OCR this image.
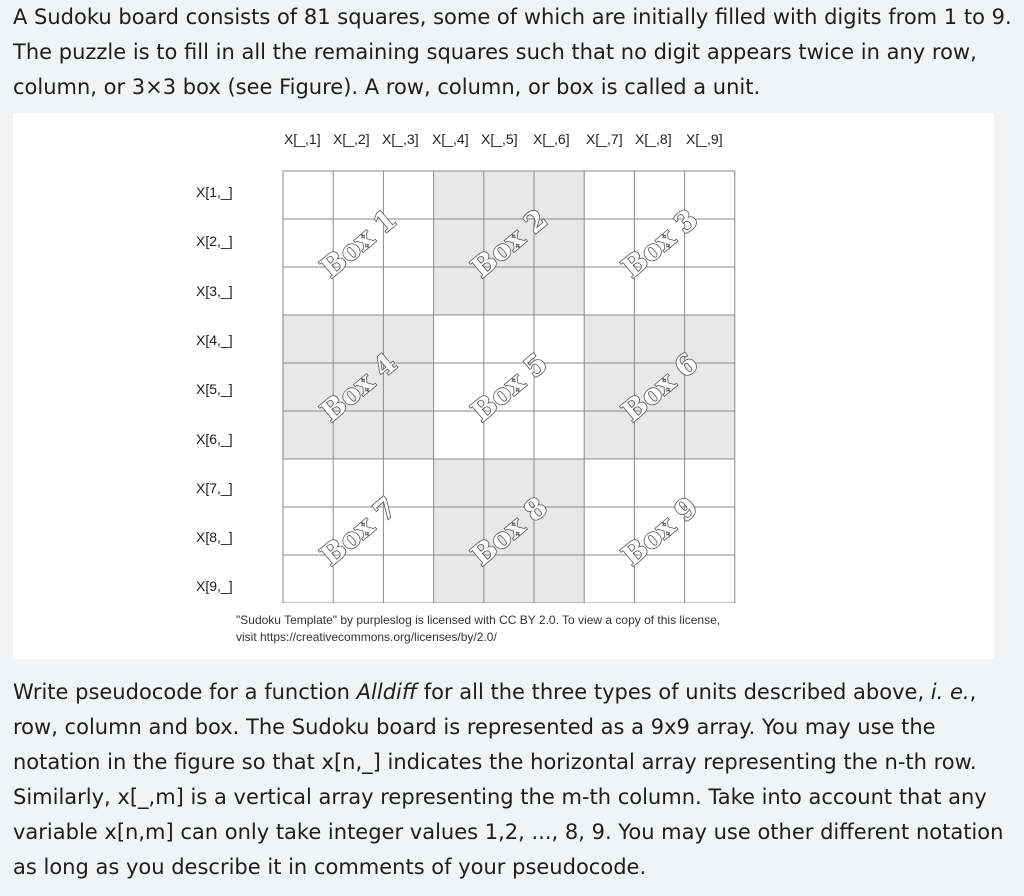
A Sudoku board consists of 81 squares, some of which are initially filled with digits from 1 to 9. The puzzle is to fill in all the remaining squares such that no digit appears twice in any row, column, or 3×3 box (see Figure). A row, column, or box is called a unit.

X[_,1] X[_,2] X[_,3] X[_,4] X[_,5] X[_,6] X[_,7] X[_,8] X[_,9]
X[1,_]
X[2,_]
X[3,_]
X[4,_]
X[5,_]
X[6,_]
X[7,_]
X[8,_]
X[9,_]
Box 1 Box 2 Box 3
Box 4 Box 5 Box 6
Box 7 Box 8 Box 9
"Sudoku Template" by purpleslog is licensed with CC BY 2.0. To view a copy of this license,
visit https://creativecommons.org/licenses/by/2.0/

Write pseudocode for a function Alldiff for all the three types of units described above, i. e., row, column and box. The Sudoku board is represented as a 9x9 array. You may use the notation in the figure so that x[n,_] indicates the horizontal array representing the n-th row. Similarly, x[_,m] is a vertical array representing the m-th column. Take into account that any variable x[n,m] can only take integer values 1,2, ..., 8, 9. You may use other different notation as long as you describe it in comments of your pseudocode.
